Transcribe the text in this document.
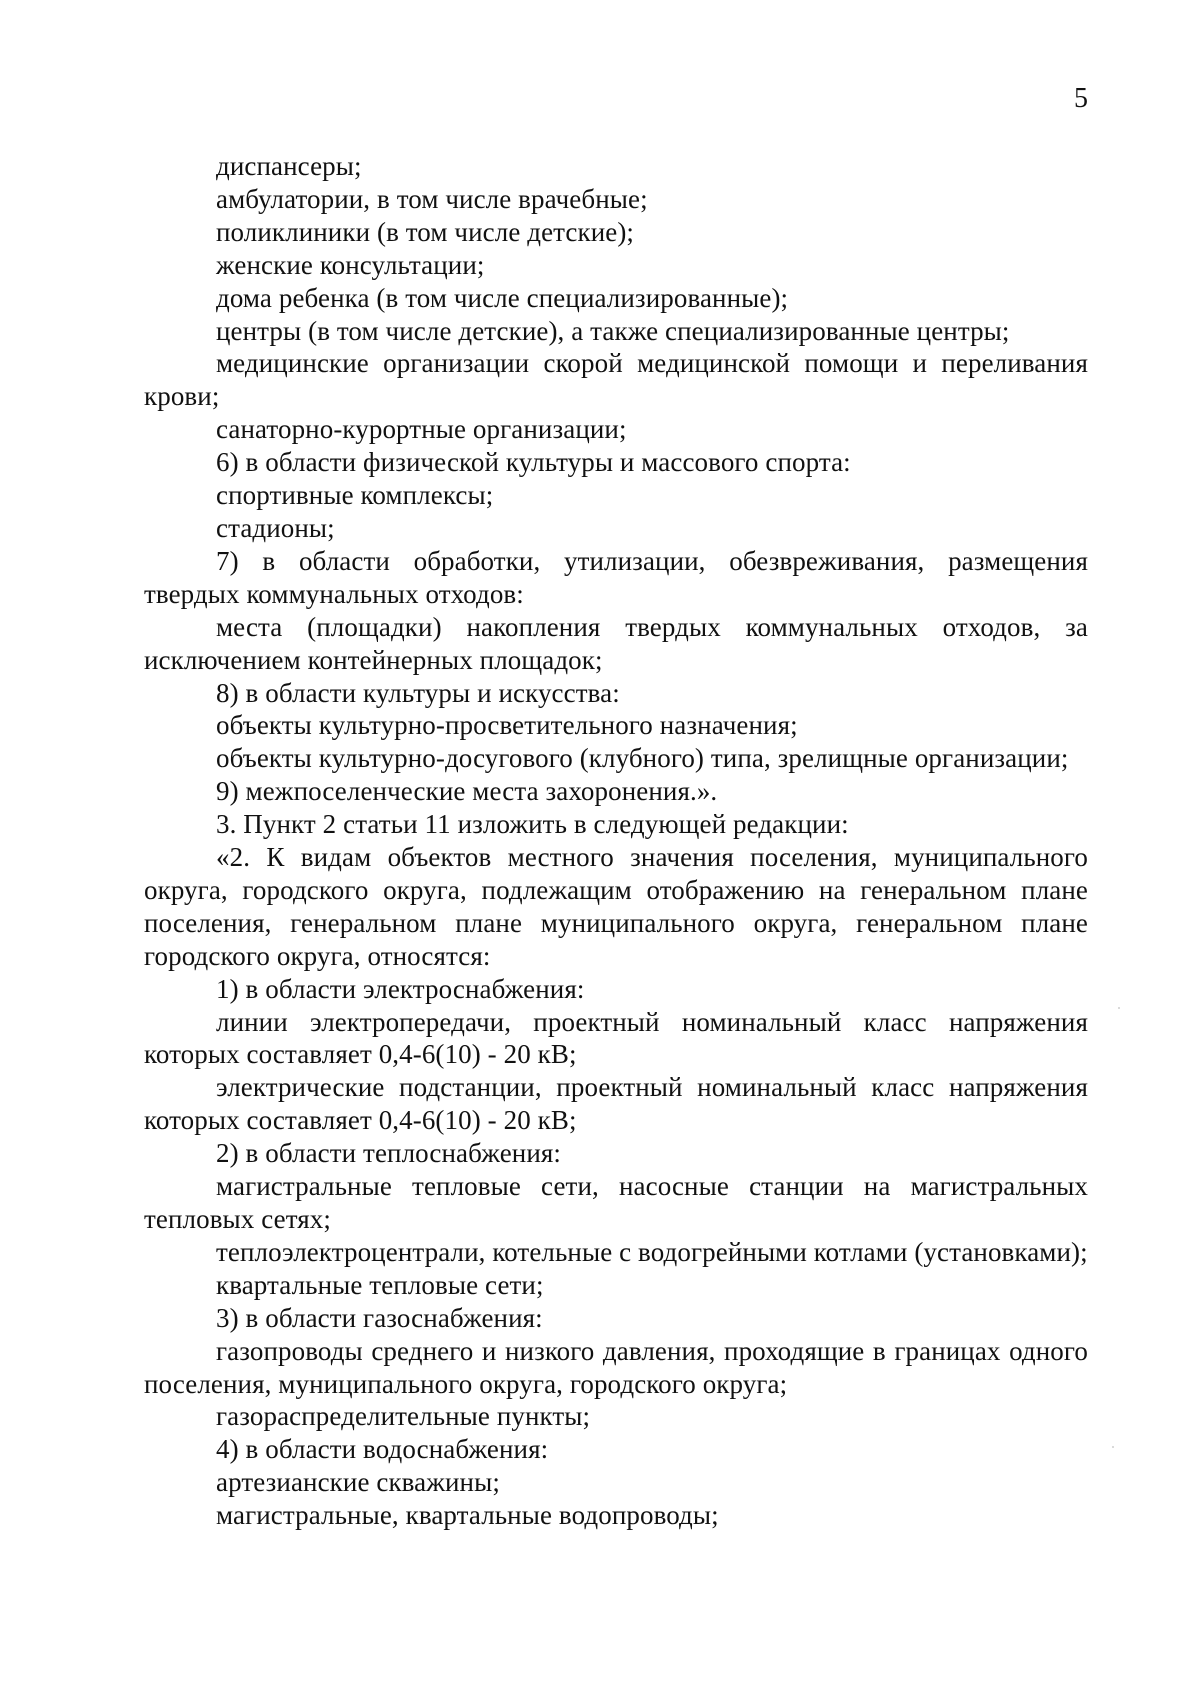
5

диспансеры;

амбулатории, в том числе врачебные;

поликлиники (в том числе детские);

женские консультации;

дома ребенка (в том числе специализированные);

центры (в том числе детские), а также специализированные центры;

медицинские организации скорой медицинской помощи и переливания крови;

санаторно-курортные организации;

6) в области физической культуры и массового спорта:

спортивные комплексы;

стадионы;

7) в области обработки, утилизации, обезвреживания, размещения твердых коммунальных отходов:

места (площадки) накопления твердых коммунальных отходов, за исключением контейнерных площадок;

8) в области культуры и искусства:

объекты культурно-просветительного назначения;

объекты культурно-досугового (клубного) типа, зрелищные организации;

9) межпоселенческие места захоронения.».

3. Пункт 2 статьи 11 изложить в следующей редакции:

«2. К видам объектов местного значения поселения, муниципального округа, городского округа, подлежащим отображению на генеральном плане поселения, генеральном плане муниципального округа, генеральном плане городского округа, относятся:

1) в области электроснабжения:

линии электропередачи, проектный номинальный класс напряжения которых составляет 0,4-6(10) - 20 кВ;

электрические подстанции, проектный номинальный класс напряжения которых составляет 0,4-6(10) - 20 кВ;

2) в области теплоснабжения:

магистральные тепловые сети, насосные станции на магистральных тепловых сетях;

теплоэлектроцентрали, котельные с водогрейными котлами (установками);

квартальные тепловые сети;

3) в области газоснабжения:

газопроводы среднего и низкого давления, проходящие в границах одного поселения, муниципального округа, городского округа;

газораспределительные пункты;

4) в области водоснабжения:

артезианские скважины;

магистральные, квартальные водопроводы;
